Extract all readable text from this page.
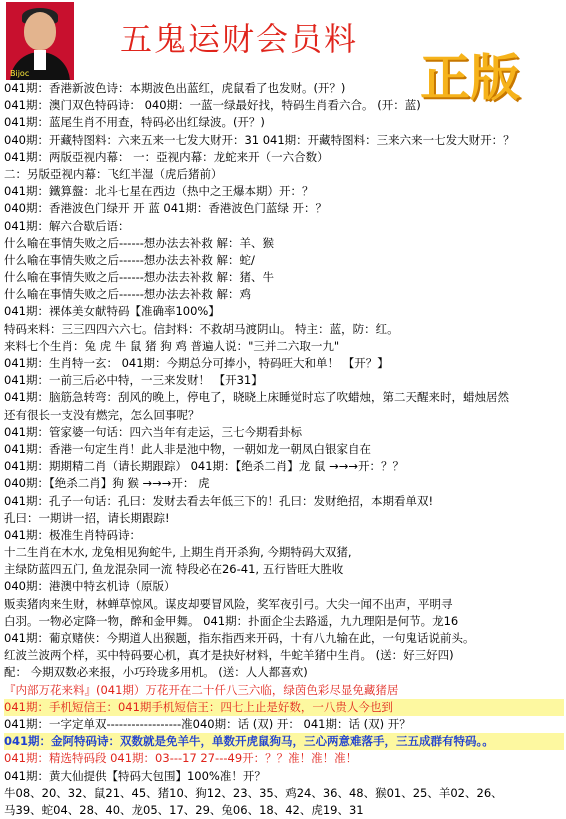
Bijoc
五鬼运财会员料
正版
041期：香港新波色诗：本期波色出蓝红，虎鼠看了也发财。(开？)
041期：澳门双色特码诗： 040期：一蓝一绿最好找，特码生肖看六合。 (开：蓝)
041期：蓝尾生肖不用查，特码必出红绿波。(开？)
040期：开藏特图料：六来五来一七发大财开：31 041期：开藏特图料：三来六来一七发大财开：？
041期：两版亞视内幕： 一：亞视内幕：龙蛇来开（一六合数）
二：另版亞视内幕：飞红半湿（虎后猪前）
041期：鐵算盤：北斗七星在西边（热中之王爆本期）开：？
040期：香港波色门绿开 开 蓝 041期：香港波色门蓝绿 开：？
041期：解六合歇后语：
什么喻在事情失败之后------想办法去补救 解：羊、猴
什么喻在事情失败之后------想办法去补救 解：蛇/
什么喻在事情失败之后------想办法去补救 解：猪、牛
什么喻在事情失败之后------想办法去补救 解：鸡
041期：裸体美女献特码【准确率100%】
特码来料：三三四四六六七。信封料：不救胡马渡阴山。 特主：蓝，防：红。
来料七个生肖：兔 虎 牛 鼠 猪 狗 鸡 普遍人说："三并二六取一九"
041期：生肖特一玄： 041期：今期总分可捧小，特码旺大和单！ 【开？】
041期：一前三后必中特，一三来发财！ 【开31】
041期：脑筋急转弯：刮风的晚上，停电了，晓晓上床睡觉时忘了吹蜡烛，第二天醒来时，蜡烛居然
还有很长一支没有燃完，怎么回事呢？
041期：管家婆一句话：四六当年有走运，三七今期看卦标
041期：香港一句定生肖！此人非是池中物，一朝如龙一朝凤白银家自在
041期：期期精二肖（请长期跟踪） 041期：【绝杀二肖】龙 鼠 →→→开：？？
040期：【绝杀二肖】狗 猴 →→→开： 虎
041期：孔子一句话：孔曰：发财去看去年低三下的！孔曰：发财绝招，本期看单双!
孔曰：一期讲一招，请长期跟踪!
041期：极准生肖特码诗：
十二生肖在木水, 龙兔相见狗蛇牛, 上期生肖开杀狗, 今期特码大双猪,
主绿防蓝四五门, 鱼龙混杂同一流 特段必在26-41, 五行皆旺大胜收
040期：港澳中特玄机诗（原版）
贩卖猪肉来生财，林蝉草惊风。谋皮却要冒风险，奖军夜引弓。大尖一闻不出声，平明寻
白羽。一物必定降一物，醉和金甲舞。 041期：扑面企尘去路遥，九九理阳是何节。龙16
041期：葡京赌侠：今期道人出猴题，指东指西来开码，十有八九输在此，一句鬼话说前头。
红波兰波两个样，买中特码要心机，真才是抉好材料，牛蛇羊猪中生肖。 (送：好三好四)
配： 今期双数必来报，小巧玲珑多用机。 (送：人人都喜欢)
『内部万花来料』(041期）万花开在二十仟八三六临，绿茵色彩尽显免藏猪居
041期：手机短信王：041期手机短信王：四七上止是好数，一八贵人今也到
041期：一字定单双------------------准040期：话 (双) 开： 041期：话 (双) 开？
041期：金阿特码诗：双数就是免羊牛，单数开虎鼠狗马，三心两意难落手，三五成群有特码。。
041期：精选特码段 041期：03---17 27---49开：？？准！准！准！
041期：黄大仙提供【特码大包围】100%准！开？
牛08、20、32、鼠21、45、猪10、狗12、23、35、鸡24、36、48、猴01、25、羊02、26、
马39、蛇04、28、40、龙05、17、29、兔06、18、42、虎19、31
